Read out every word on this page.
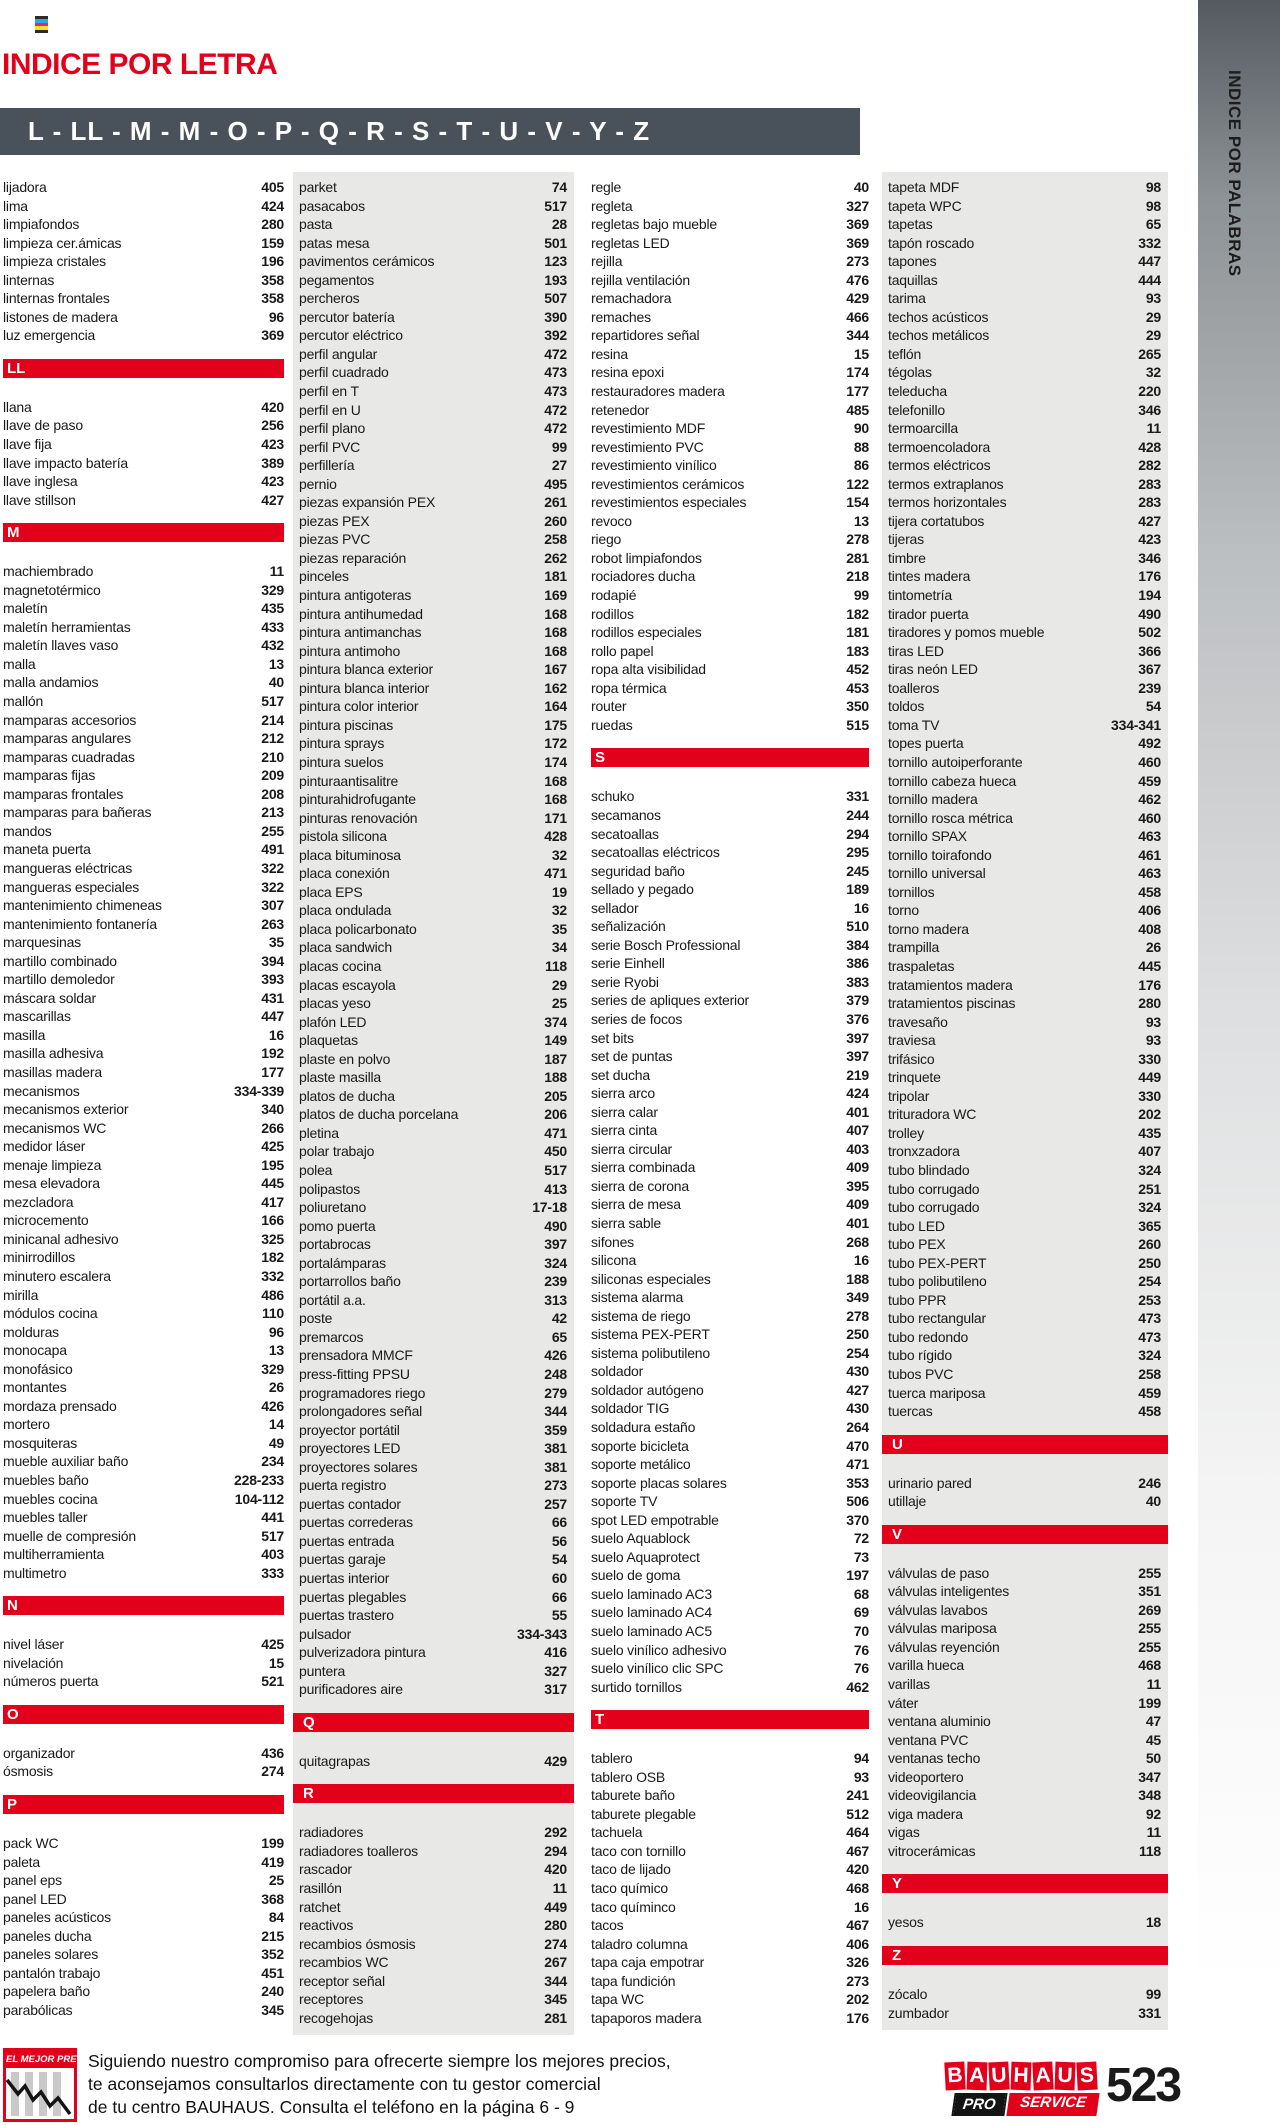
INDICE POR LETRA
L - LL - M - M - O - P - Q - R - S - T - U - V - Y - Z	INDICE POR PALABRAS
lijadora	405
lima	424
limpiafondos	280
limpieza cer.ámicas	159
limpieza cristales	196
linternas	358
linternas frontales	358
listones de madera	96
luz emergencia	369
LL
llana	420
llave de paso	256
llave fija	423
llave impacto batería	389
llave inglesa	423
llave stillson	427
M
machiembrado	11
magnetotérmico	329
maletín	435
maletín herramientas	433
maletín llaves vaso	432
malla	13
malla andamios	40
mallón	517
mamparas accesorios	214
mamparas angulares	212
mamparas cuadradas	210
mamparas fijas	209
mamparas frontales	208
mamparas para bañeras	213
mandos	255
maneta puerta	491
mangueras eléctricas	322
mangueras especiales	322
mantenimiento chimeneas	307
mantenimiento fontanería	263
marquesinas	35
martillo combinado	394
martillo demoledor	393
máscara soldar	431
mascarillas	447
masilla	16
masilla adhesiva	192
masillas madera	177
mecanismos	334-339
mecanismos exterior	340
mecanismos WC	266
medidor láser	425
menaje limpieza	195
mesa elevadora	445
mezcladora	417
microcemento	166
minicanal adhesivo	325
minirrodillos	182
minutero escalera	332
mirilla	486
módulos cocina	110
molduras	96
monocapa	13
monofásico	329
montantes	26
mordaza prensado	426
mortero	14
mosquiteras	49
mueble auxiliar baño	234
muebles baño	228-233
muebles cocina	104-112
muebles taller	441
muelle de compresión	517
multiherramienta	403
multimetro	333
N
nivel láser	425
nivelación	15
números puerta	521
O
organizador	436
ósmosis	274
P
pack WC	199
paleta	419
panel eps	25
panel LED	368
paneles acústicos	84
paneles ducha	215
paneles solares	352
pantalón trabajo	451
papelera baño	240
parabólicas	345
parket	74
pasacabos	517
pasta	28
patas mesa	501
pavimentos cerámicos	123
pegamentos	193
percheros	507
percutor batería	390
percutor eléctrico	392
perfil angular	472
perfil cuadrado	473
perfil en T	473
perfil en U	472
perfil plano	472
perfil PVC	99
perfillería	27
pernio	495
piezas expansión PEX	261
piezas PEX	260
piezas PVC	258
piezas reparación	262
pinceles	181
pintura antigoteras	169
pintura antihumedad	168
pintura antimanchas	168
pintura antimoho	168
pintura blanca exterior	167
pintura blanca interior	162
pintura color interior	164
pintura piscinas	175
pintura sprays	172
pintura suelos	174
pinturaantisalitre	168
pinturahidrofugante	168
pinturas renovación	171
pistola silicona	428
placa bituminosa	32
placa conexión	471
placa EPS	19
placa ondulada	32
placa policarbonato	35
placa sandwich	34
placas cocina	118
placas escayola	29
placas yeso	25
plafón LED	374
plaquetas	149
plaste en polvo	187
plaste masilla	188
platos de ducha	205
platos de ducha porcelana	206
pletina	471
polar trabajo	450
polea	517
polipastos	413
poliuretano	17-18
pomo puerta	490
portabrocas	397
portalámparas	324
portarrollos baño	239
portátil a.a.	313
poste	42
premarcos	65
prensadora MMCF	426
press-fitting PPSU	248
programadores riego	279
prolongadores señal	344
proyector portátil	359
proyectores LED	381
proyectores solares	381
puerta registro	273
puertas contador	257
puertas correderas	66
puertas entrada	56
puertas garaje	54
puertas interior	60
puertas plegables	66
puertas trastero	55
pulsador	334-343
pulverizadora pintura	416
puntera	327
purificadores aire	317
Q
quitagrapas	429
R
radiadores	292
radiadores toalleros	294
rascador	420
rasillón	11
ratchet	449
reactivos	280
recambios ósmosis	274
recambios WC	267
receptor señal	344
receptores	345
recogehojas	281
regle	40
regleta	327
regletas bajo mueble	369
regletas LED	369
rejilla	273
rejilla ventilación	476
remachadora	429
remaches	466
repartidores señal	344
resina	15
resina epoxi	174
restauradores madera	177
retenedor	485
revestimiento MDF	90
revestimiento PVC	88
revestimiento vinílico	86
revestimientos cerámicos	122
revestimientos especiales	154
revoco	13
riego	278
robot limpiafondos	281
rociadores ducha	218
rodapié	99
rodillos	182
rodillos especiales	181
rollo papel	183
ropa alta visibilidad	452
ropa térmica	453
router	350
ruedas	515
S
schuko	331
secamanos	244
secatoallas	294
secatoallas eléctricos	295
seguridad baño	245
sellado y pegado	189
sellador	16
señalización	510
serie Bosch Professional	384
serie Einhell	386
serie Ryobi	383
series de apliques exterior	379
series de focos	376
set bits	397
set de puntas	397
set ducha	219
sierra arco	424
sierra calar	401
sierra cinta	407
sierra circular	403
sierra combinada	409
sierra de corona	395
sierra de mesa	409
sierra sable	401
sifones	268
silicona	16
siliconas especiales	188
sistema alarma	349
sistema de riego	278
sistema PEX-PERT	250
sistema polibutileno	254
soldador	430
soldador autógeno	427
soldador TIG	430
soldadura estaño	264
soporte bicicleta	470
soporte metálico	471
soporte placas solares	353
soporte TV	506
spot LED empotrable	370
suelo Aquablock	72
suelo Aquaprotect	73
suelo de goma	197
suelo laminado AC3	68
suelo laminado AC4	69
suelo laminado AC5	70
suelo vinílico adhesivo	76
suelo vinílico clic SPC	76
surtido tornillos	462
T
tablero	94
tablero OSB	93
taburete baño	241
taburete plegable	512
tachuela	464
taco con tornillo	467
taco de lijado	420
taco químico	468
taco químinco	16
tacos	467
taladro columna	406
tapa caja empotrar	326
tapa fundición	273
tapa WC	202
tapaporos madera	176
tapeta MDF	98
tapeta WPC	98
tapetas	65
tapón roscado	332
tapones	447
taquillas	444
tarima	93
techos acústicos	29
techos metálicos	29
teflón	265
tégolas	32
teleducha	220
telefonillo	346
termoarcilla	11
termoencoladora	428
termos eléctricos	282
termos extraplanos	283
termos horizontales	283
tijera cortatubos	427
tijeras	423
timbre	346
tintes madera	176
tintometría	194
tirador puerta	490
tiradores y pomos mueble	502
tiras LED	366
tiras neón LED	367
toalleros	239
toldos	54
toma TV	334-341
topes puerta	492
tornillo autoiperforante	460
tornillo cabeza hueca	459
tornillo madera	462
tornillo rosca métrica	460
tornillo SPAX	463
tornillo toirafondo	461
tornillo universal	463
tornillos	458
torno	406
torno madera	408
trampilla	26
traspaletas	445
tratamientos madera	176
tratamientos piscinas	280
travesaño	93
traviesa	93
trifásico	330
trinquete	449
tripolar	330
trituradora WC	202
trolley	435
tronxzadora	407
tubo blindado	324
tubo corrugado	251
tubo corrugado	324
tubo LED	365
tubo PEX	260
tubo PEX-PERT	250
tubo polibutileno	254
tubo PPR	253
tubo rectangular	473
tubo redondo	473
tubo rígido	324
tubos PVC	258
tuerca mariposa	459
tuercas	458
U
urinario pared	246
utillaje	40
V
válvulas de paso	255
válvulas inteligentes	351
válvulas lavabos	269
válvulas mariposa	255
válvulas reyención	255
varilla hueca	468
varillas	11
váter	199
ventana aluminio	47
ventana PVC	45
ventanas techo	50
videoportero	347
videovigilancia	348
viga madera	92
vigas	11
vitrocerámicas	118
Y
yesos	18
Z
zócalo	99
zumbador	331
EL MEJOR PRECIO
Siguiendo nuestro compromiso para ofrecerte siempre los mejores precios,
te aconsejamos consultarlos directamente con tu gestor comercial
de tu centro BAUHAUS. Consulta el teléfono en la página 6 - 9
B A U H A U S
PRO	SERVICE 523
